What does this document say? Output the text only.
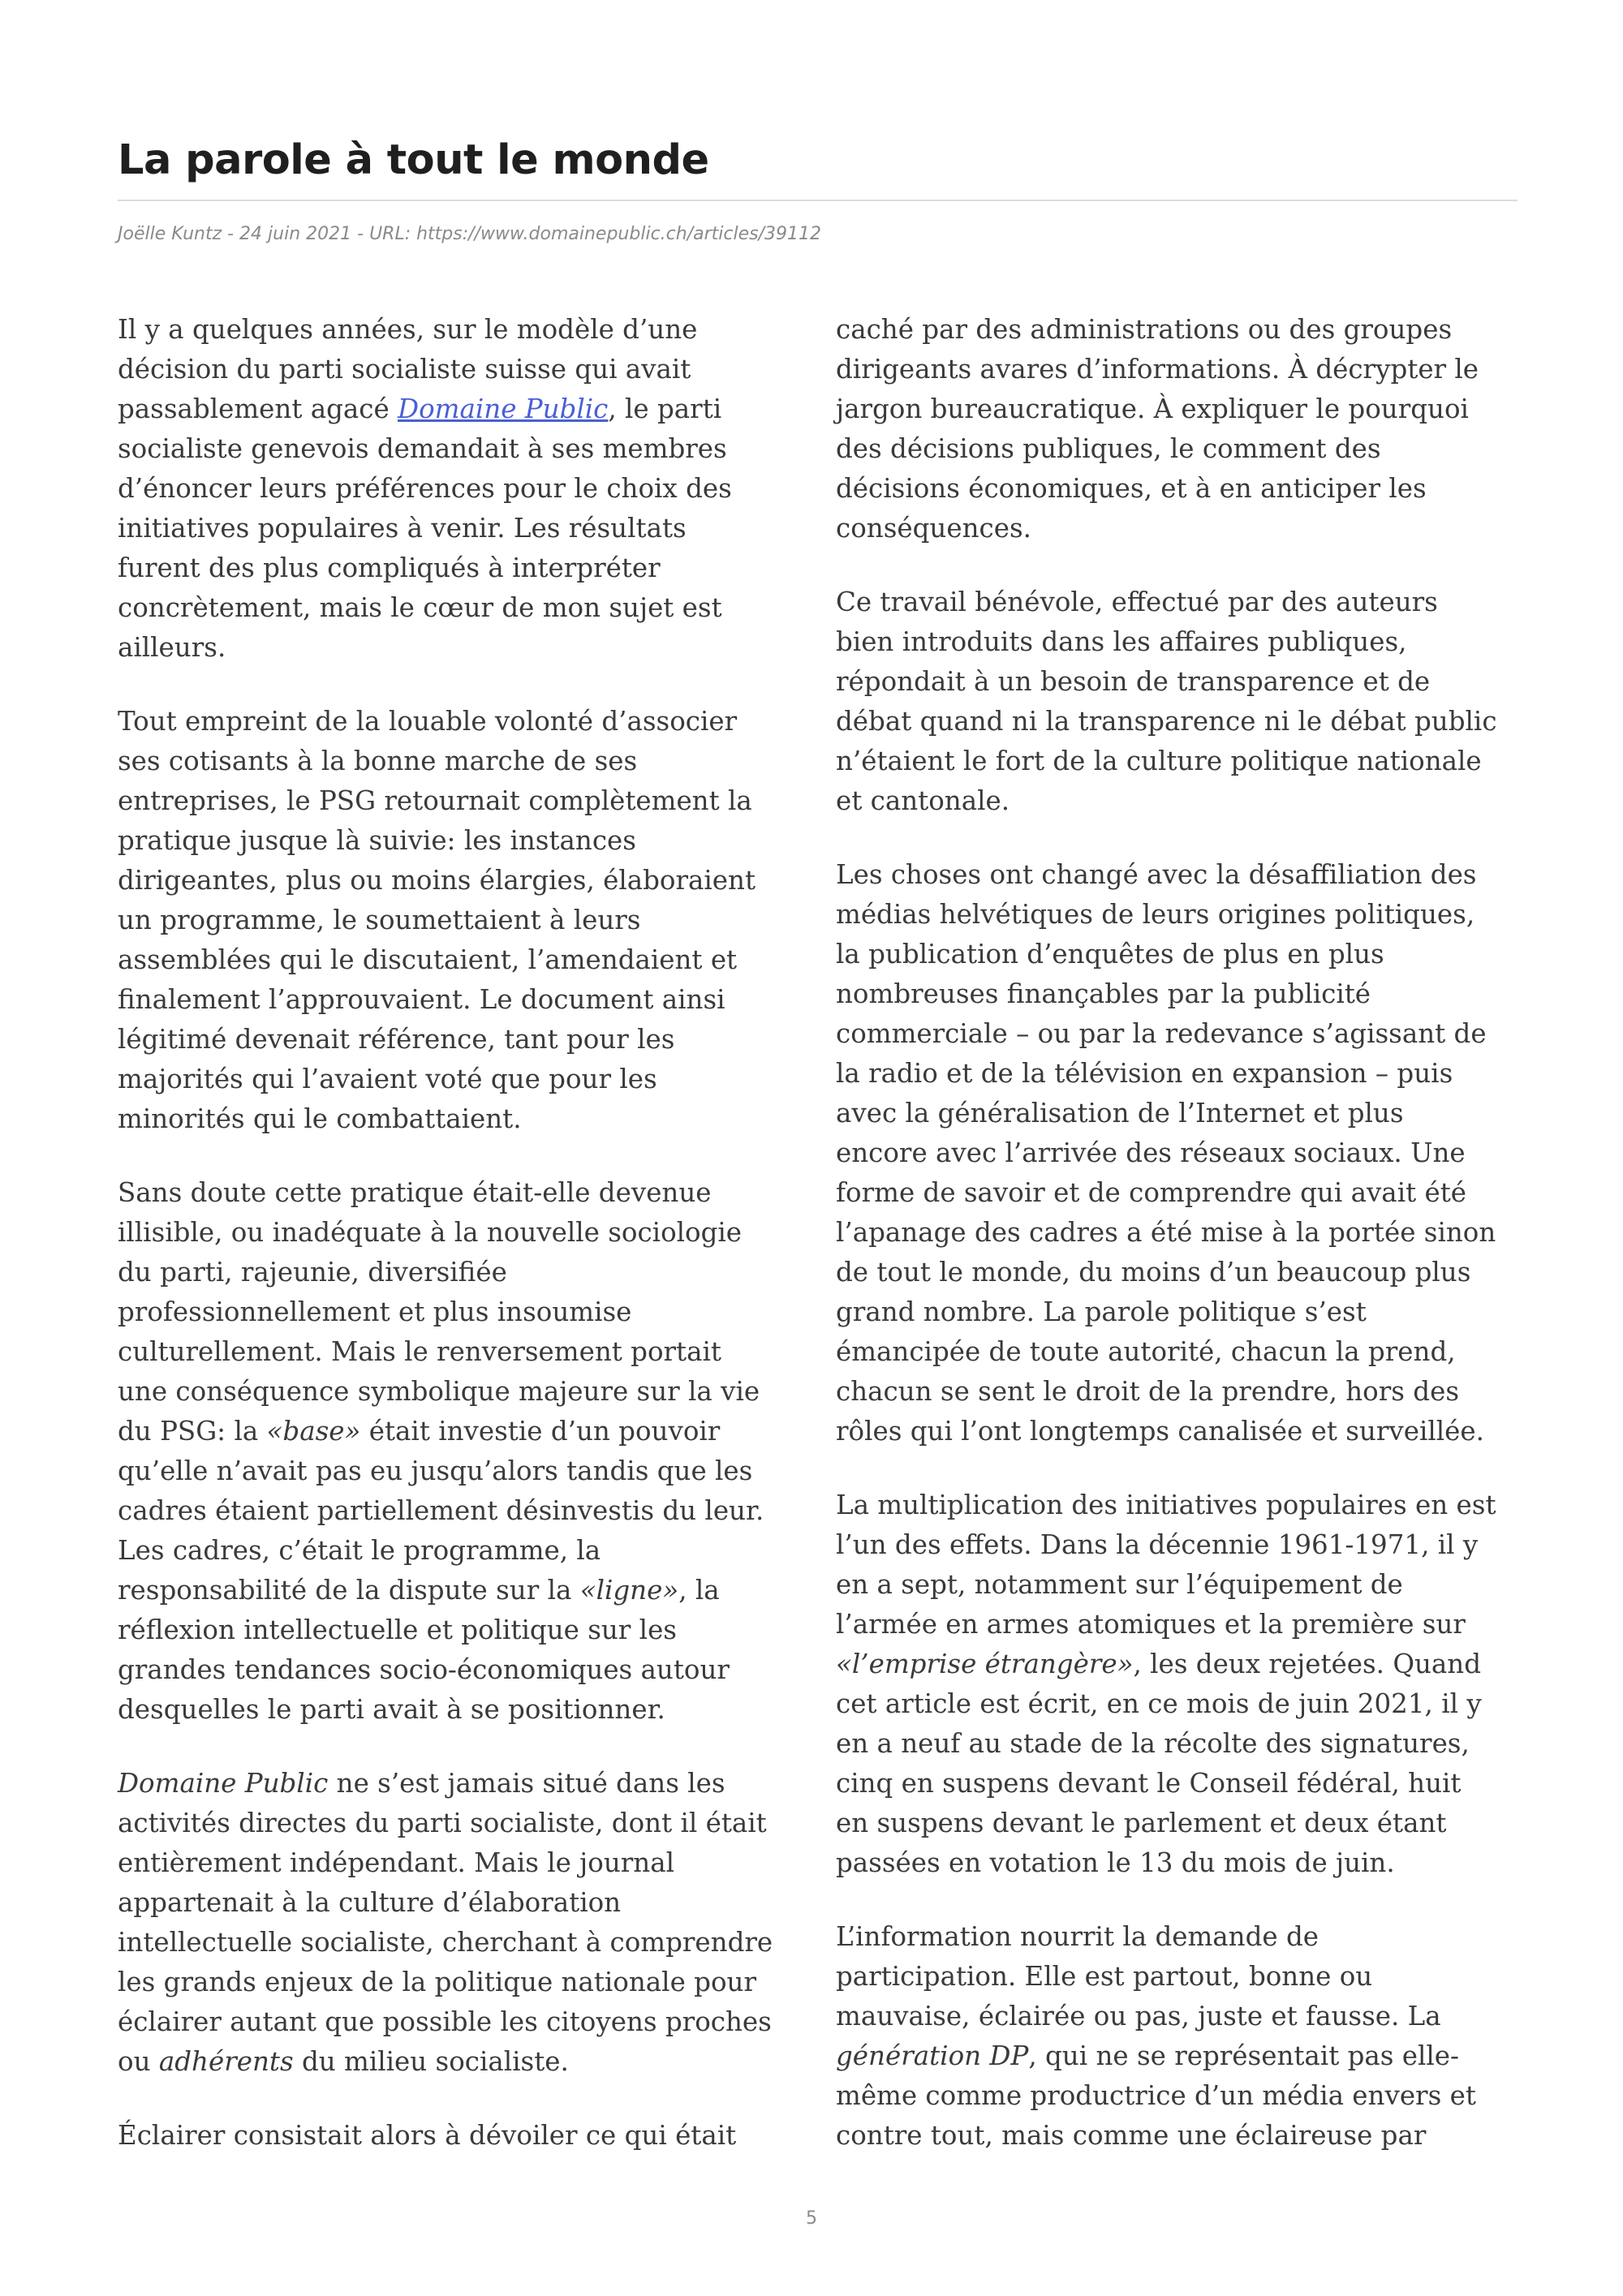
La parole à tout le monde
Joëlle Kuntz - 24 juin 2021 - URL: https://www.domainepublic.ch/articles/39112

Il y a quelques années, sur le modèle d’une
décision du parti socialiste suisse qui avait
passablement agacé Domaine Public, le parti
socialiste genevois demandait à ses membres
d’énoncer leurs préférences pour le choix des
initiatives populaires à venir. Les résultats
furent des plus compliqués à interpréter
concrètement, mais le cœur de mon sujet est
ailleurs.

Tout empreint de la louable volonté d’associer
ses cotisants à la bonne marche de ses
entreprises, le PSG retournait complètement la
pratique jusque là suivie: les instances
dirigeantes, plus ou moins élargies, élaboraient
un programme, le soumettaient à leurs
assemblées qui le discutaient, l’amendaient et
finalement l’approuvaient. Le document ainsi
légitimé devenait référence, tant pour les
majorités qui l’avaient voté que pour les
minorités qui le combattaient.

Sans doute cette pratique était-elle devenue
illisible, ou inadéquate à la nouvelle sociologie
du parti, rajeunie, diversifiée
professionnellement et plus insoumise
culturellement. Mais le renversement portait
une conséquence symbolique majeure sur la vie
du PSG: la «base» était investie d’un pouvoir
qu’elle n’avait pas eu jusqu’alors tandis que les
cadres étaient partiellement désinvestis du leur.
Les cadres, c’était le programme, la
responsabilité de la dispute sur la «ligne», la
réflexion intellectuelle et politique sur les
grandes tendances socio-économiques autour
desquelles le parti avait à se positionner.

Domaine Public ne s’est jamais situé dans les
activités directes du parti socialiste, dont il était
entièrement indépendant. Mais le journal
appartenait à la culture d’élaboration
intellectuelle socialiste, cherchant à comprendre
les grands enjeux de la politique nationale pour
éclairer autant que possible les citoyens proches
ou adhérents du milieu socialiste.

Éclairer consistait alors à dévoiler ce qui était

caché par des administrations ou des groupes
dirigeants avares d’informations. À décrypter le
jargon bureaucratique. À expliquer le pourquoi
des décisions publiques, le comment des
décisions économiques, et à en anticiper les
conséquences.

Ce travail bénévole, effectué par des auteurs
bien introduits dans les affaires publiques,
répondait à un besoin de transparence et de
débat quand ni la transparence ni le débat public
n’étaient le fort de la culture politique nationale
et cantonale.

Les choses ont changé avec la désaffiliation des
médias helvétiques de leurs origines politiques,
la publication d’enquêtes de plus en plus
nombreuses finançables par la publicité
commerciale – ou par la redevance s’agissant de
la radio et de la télévision en expansion – puis
avec la généralisation de l’Internet et plus
encore avec l’arrivée des réseaux sociaux. Une
forme de savoir et de comprendre qui avait été
l’apanage des cadres a été mise à la portée sinon
de tout le monde, du moins d’un beaucoup plus
grand nombre. La parole politique s’est
émancipée de toute autorité, chacun la prend,
chacun se sent le droit de la prendre, hors des
rôles qui l’ont longtemps canalisée et surveillée.

La multiplication des initiatives populaires en est
l’un des effets. Dans la décennie 1961-1971, il y
en a sept, notamment sur l’équipement de
l’armée en armes atomiques et la première sur
«l’emprise étrangère», les deux rejetées. Quand
cet article est écrit, en ce mois de juin 2021, il y
en a neuf au stade de la récolte des signatures,
cinq en suspens devant le Conseil fédéral, huit
en suspens devant le parlement et deux étant
passées en votation le 13 du mois de juin.

L’information nourrit la demande de
participation. Elle est partout, bonne ou
mauvaise, éclairée ou pas, juste et fausse. La
génération DP, qui ne se représentait pas elle-
même comme productrice d’un média envers et
contre tout, mais comme une éclaireuse par

5
